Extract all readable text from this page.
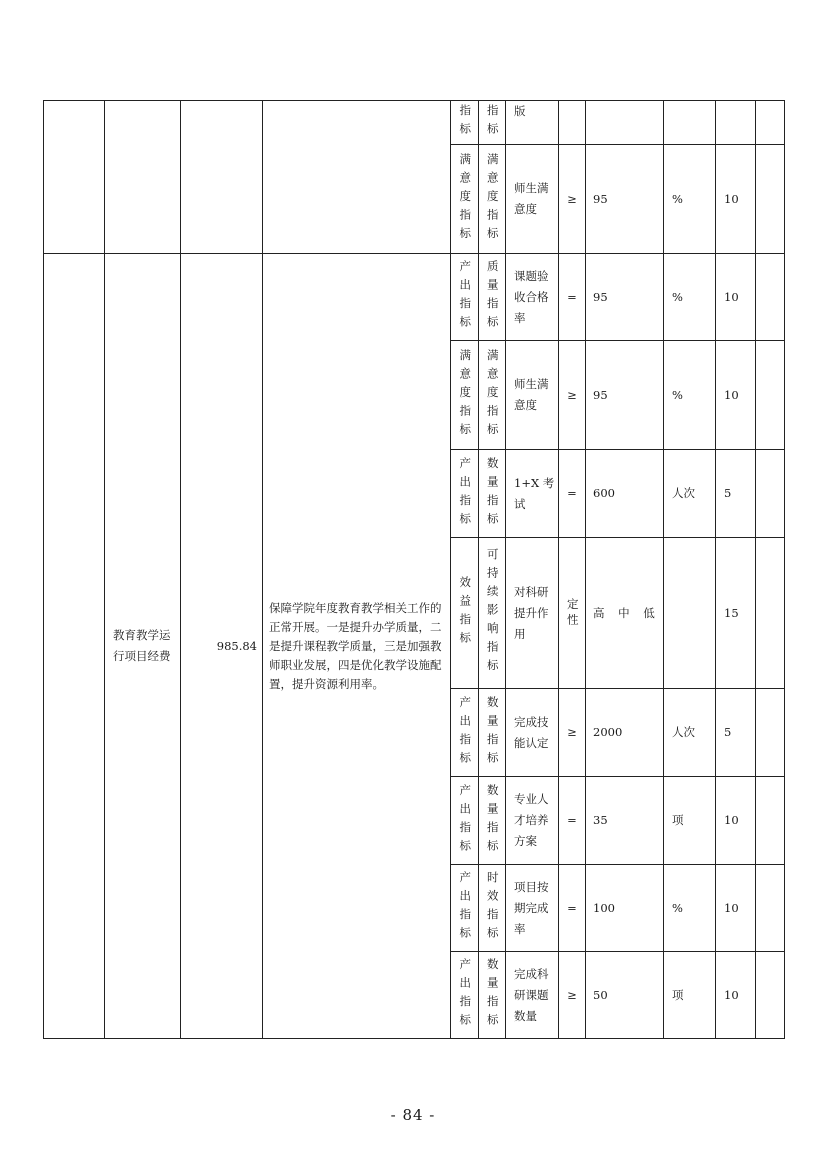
				指标	指标	版					

				满意度指标	满意度指标	师生满意度	≥	95	%	10	
	教育教学运行项目经费	985.84	保障学院年度教育教学相关工作的正常开展。一是提升办学质量，二是提升课程教学质量，三是加强教师职业发展，四是优化教学设施配置，提升资源利用率。	产出指标	质量指标	课题验收合格率	=	95	%	10	

				满意度指标	满意度指标	师生满意度	≥	95	%	10	

				产出指标	数量指标	1+X 考试	=	600	人次	5	

				效益指标	可持续影响指标	对科研提升作用	定性	高 中 低		15	

				产出指标	数量指标	完成技能认定	≥	2000	人次	5	

				产出指标	数量指标	专业人才培养方案	=	35	项	10	

				产出指标	时效指标	项目按期完成率	=	100	%	10	

				产出指标	数量指标	完成科研课题数量	≥	50	项	10	
- 84 -
